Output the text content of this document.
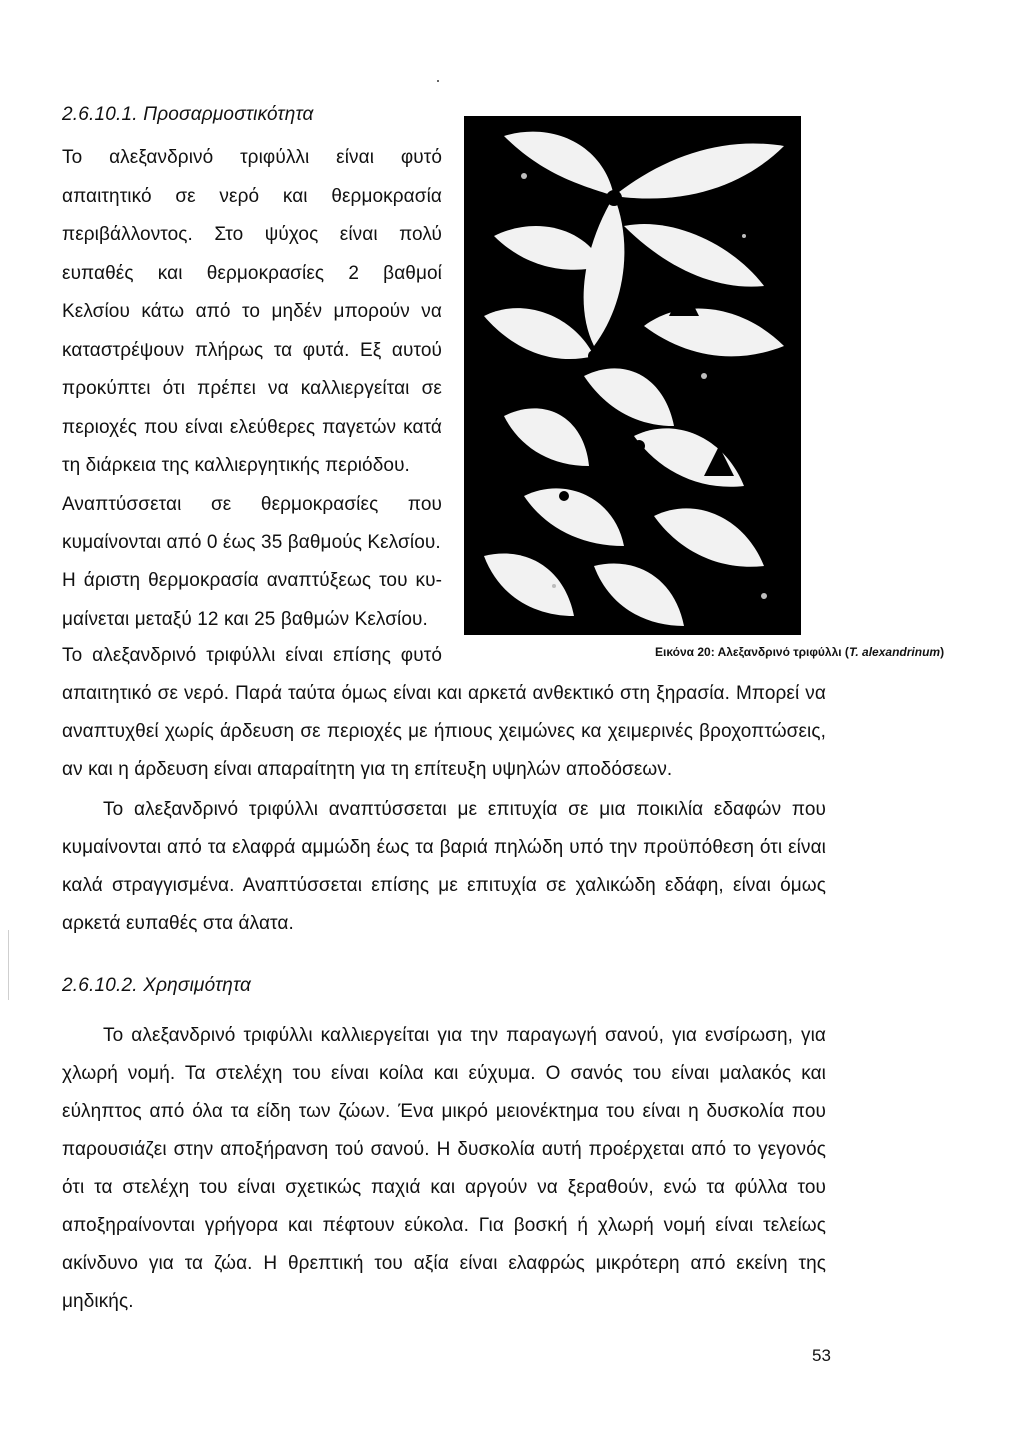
2.6.10.1. Προσαρμοστικότητα
Το αλεξανδρινό τριφύλλι είναι φυτό
απαιτητικό σε νερό και θερμοκρασία
περιβάλλοντος. Στο ψύχος είναι πολύ
ευπαθές και θερμοκρασίες 2 βαθμοί
Κελσίου κάτω από το μηδέν μπορούν να
καταστρέψουν πλήρως τα φυτά. Εξ αυτού
προκύπτει ότι πρέπει να καλλιεργείται σε
περιοχές που είναι ελεύθερες παγετών κατά
τη διάρκεια της καλλιεργητικής περιόδου.
Αναπτύσσεται σε θερμοκρασίες που
κυμαίνονται από 0 έως 35 βαθμούς Κελσίου.
Η άριστη θερμοκρασία αναπτύξεως του κυ-
μαίνεται μεταξύ 12 και 25 βαθμών Κελσίου.
Το αλεξανδρινό τριφύλλι είναι επίσης φυτό	Εικόνα 20: Αλεξανδρινό τριφύλλι (T. alexandrinum)
απαιτητικό σε νερό. Παρά ταύτα όμως είναι και αρκετά ανθεκτικό στη ξηρασία. Μπορεί να
αναπτυχθεί χωρίς άρδευση σε περιοχές με ήπιους χειμώνες κα χειμερινές βροχοπτώσεις,
αν και η άρδευση είναι απαραίτητη για τη επίτευξη υψηλών αποδόσεων.
Το αλεξανδρινό τριφύλλι αναπτύσσεται με επιτυχία σε μια ποικιλία εδαφών που
κυμαίνονται από τα ελαφρά αμμώδη έως τα βαριά πηλώδη υπό την προϋπόθεση ότι είναι
καλά στραγγισμένα. Αναπτύσσεται επίσης με επιτυχία σε χαλικώδη εδάφη, είναι όμως
αρκετά ευπαθές στα άλατα.
2.6.10.2. Χρησιμότητα
Το αλεξανδρινό τριφύλλι καλλιεργείται για την παραγωγή σανού, για ενσίρωση, για
χλωρή νομή. Τα στελέχη του είναι κοίλα και εύχυμα. Ο σανός του είναι μαλακός και
εύληπτος από όλα τα είδη των ζώων. Ένα μικρό μειονέκτημα του είναι η δυσκολία που
παρουσιάζει στην αποξήρανση τού σανού. Η δυσκολία αυτή προέρχεται από το γεγονός
ότι τα στελέχη του είναι σχετικώς παχιά και αργούν να ξεραθούν, ενώ τα φύλλα του
αποξηραίνονται γρήγορα και πέφτουν εύκολα. Για βοσκή ή χλωρή νομή είναι τελείως
ακίνδυνο για τα ζώα. Η θρεπτική του αξία είναι ελαφρώς μικρότερη από εκείνη της
μηδικής.
53
